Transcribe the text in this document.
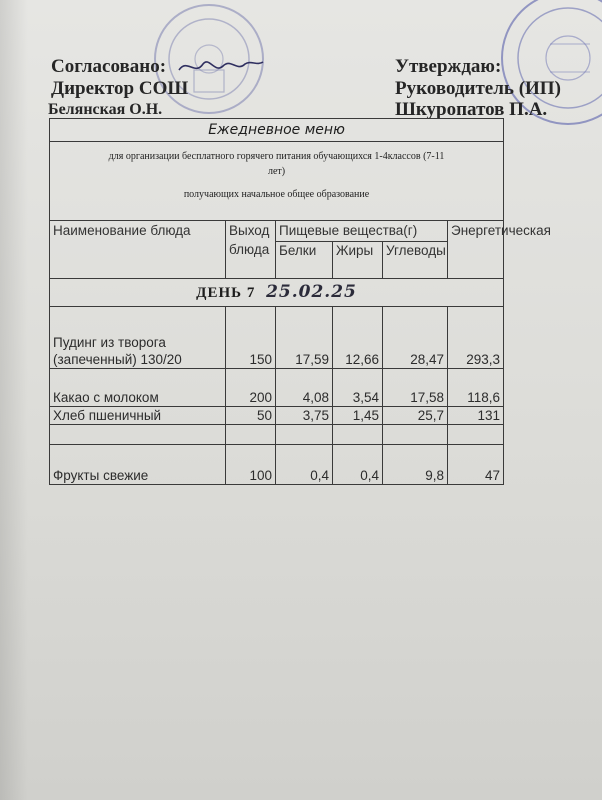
Согласовано:
Директор СОШ
Белянская О.Н.
Утверждаю:
Руководитель (ИП)
Шкуропатов П.А.
Ежедневное меню					
для организации бесплатного горячего питания обучающихся 1-4классов (7-11
лет)
получающих начальное общее образование					

Наименование блюда	Выход блюда	Пищевые вещества(г)			Энергетическая
		Белки	Жиры	Углеводы	
ДЕНЬ 7 25.02.25					
Пудинг из творога (запеченный) 130/20	150	17,59	12,66	28,47	293,3
Какао с молоком	200	4,08	3,54	17,58	118,6
Хлеб пшеничный	50	3,75	1,45	25,7	131

Фрукты свежие	100	0,4	0,4	9,8	47
